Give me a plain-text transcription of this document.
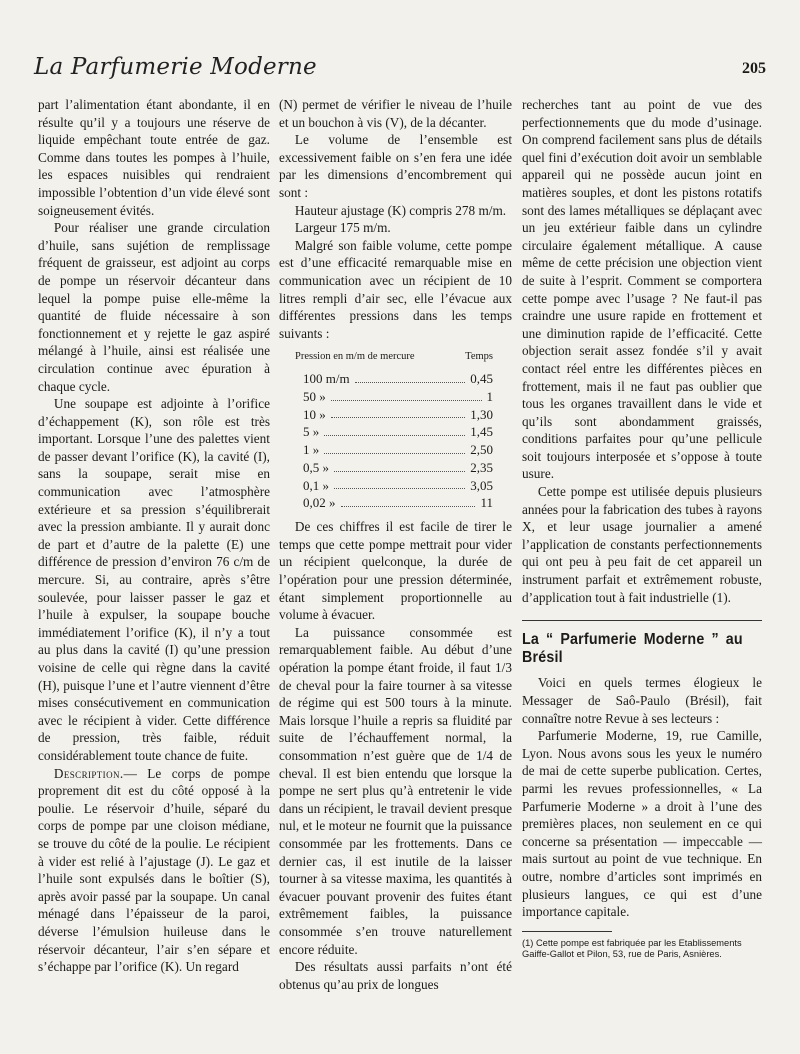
La Parfumerie Moderne	205

part l’alimentation étant abondante, il en résulte qu’il y a toujours une réserve de liquide empêchant toute entrée de gaz. Comme dans toutes les pompes à l’huile, les espaces nuisibles qui rendraient impossible l’obtention d’un vide élevé sont soigneusement évités.

Pour réaliser une grande circulation d’huile, sans sujétion de remplissage fréquent de graisseur, est adjoint au corps de pompe un réservoir décanteur dans lequel la pompe puise elle-même la quantité de fluide nécessaire à son fonctionnement et y rejette le gaz aspiré mélangé à l’huile, ainsi est réalisée une circulation continue avec épuration à chaque cycle.

Une soupape est adjointe à l’orifice d’échappement (K), son rôle est très important. Lorsque l’une des palettes vient de passer devant l’orifice (K), la cavité (I), sans la soupape, serait mise en communication avec l’atmosphère extérieure et sa pression s’équilibrerait avec la pression ambiante. Il y aurait donc de part et d’autre de la palette (E) une différence de pression d’environ 76 c/m de mercure. Si, au contraire, après s’être soulevée, pour laisser passer le gaz et l’huile à expulser, la soupape bouche immédiatement l’orifice (K), il n’y a tout au plus dans la cavité (I) qu’une pression voisine de celle qui règne dans la cavité (H), puisque l’une et l’autre viennent d’être mises consécutivement en communication avec le récipient à vider. Cette différence de pression, très faible, réduit considérablement toute chance de fuite.

Description.— Le corps de pompe proprement dit est du côté opposé à la poulie. Le réservoir d’huile, séparé du corps de pompe par une cloison médiane, se trouve du côté de la poulie. Le récipient à vider est relié à l’ajustage (J). Le gaz et l’huile sont expulsés dans le boîtier (S), après avoir passé par la soupape. Un canal ménagé dans l’épaisseur de la paroi, déverse l’émulsion huileuse dans le réservoir décanteur, l’air s’en sépare et s’échappe par l’orifice (K). Un regard

(N) permet de vérifier le niveau de l’huile et un bouchon à vis (V), de la décanter.

Le volume de l’ensemble est excessivement faible on s’en fera une idée par les dimensions d’encombrement qui sont :

Hauteur ajustage (K) compris 278 m/m.

Largeur 175 m/m.

Malgré son faible volume, cette pompe est d’une efficacité remarquable mise en communication avec un récipient de 10 litres rempli d’air sec, elle l’évacue aux différentes pressions dans les temps suivants :

Pression en m/m de mercure	Temps
100 m/m	0,45
50 »	1
10 »	1,30
5 »	1,45
1 »	2,50
0,5 »	2,35
0,1 »	3,05
0,02 »	11

De ces chiffres il est facile de tirer le temps que cette pompe mettrait pour vider un récipient quelconque, la durée de l’opération pour une pression déterminée, étant simplement proportionnelle au volume à évacuer.

La puissance consommée est remarquablement faible. Au début d’une opération la pompe étant froide, il faut 1/3 de cheval pour la faire tourner à sa vitesse de régime qui est 500 tours à la minute. Mais lorsque l’huile a repris sa fluidité par suite de l’échauffement normal, la consommation n’est guère que de 1/4 de cheval. Il est bien entendu que lorsque la pompe ne sert plus qu’à entretenir le vide dans un récipient, le travail devient presque nul, et le moteur ne fournit que la puissance consommée par les frottements. Dans ce dernier cas, il est inutile de la laisser tourner à sa vitesse maxima, les quantités à évacuer pouvant provenir des fuites étant extrêmement faibles, la puissance consommée s’en trouve naturellement encore réduite.

Des résultats aussi parfaits n’ont été obtenus qu’au prix de longues

recherches tant au point de vue des perfectionnements que du mode d’usinage. On comprend facilement sans plus de détails quel fini d’exécution doit avoir un semblable appareil qui ne possède aucun joint en matières souples, et dont les pistons rotatifs sont des lames métalliques se déplaçant avec un jeu extérieur faible dans un cylindre circulaire également métallique. A cause même de cette précision une objection vient de suite à l’esprit. Comment se comportera cette pompe avec l’usage ? Ne faut-il pas craindre une usure rapide en frottement et une diminution rapide de l’efficacité. Cette objection serait assez fondée s’il y avait contact réel entre les différentes pièces en frottement, mais il ne faut pas oublier que tous les organes travaillent dans le vide et qu’ils sont abondamment graissés, conditions parfaites pour qu’une pellicule soit toujours interposée et s’oppose à toute usure.

Cette pompe est utilisée depuis plusieurs années pour la fabrication des tubes à rayons X, et leur usage journalier a amené l’application de constants perfectionnements qui ont peu à peu fait de cet appareil un instrument parfait et extrêmement robuste, d’application tout à fait industrielle (1).

La “ Parfumerie Moderne ” au Brésil

Voici en quels termes élogieux le Messager de Saô-Paulo (Brésil), fait connaître notre Revue à ses lecteurs :

Parfumerie Moderne, 19, rue Camille, Lyon. Nous avons sous les yeux le numéro de mai de cette superbe publication. Certes, parmi les revues professionnelles, « La Parfumerie Moderne » a droit à l’une des premières places, non seulement en ce qui concerne sa présentation — impeccable — mais surtout au point de vue technique. En outre, nombre d’articles sont imprimés en plusieurs langues, ce qui est d’une importance capitale.

(1) Cette pompe est fabriquée par les Etablissements Gaiffe-Gallot et Pilon, 53, rue de Paris, Asnières.
